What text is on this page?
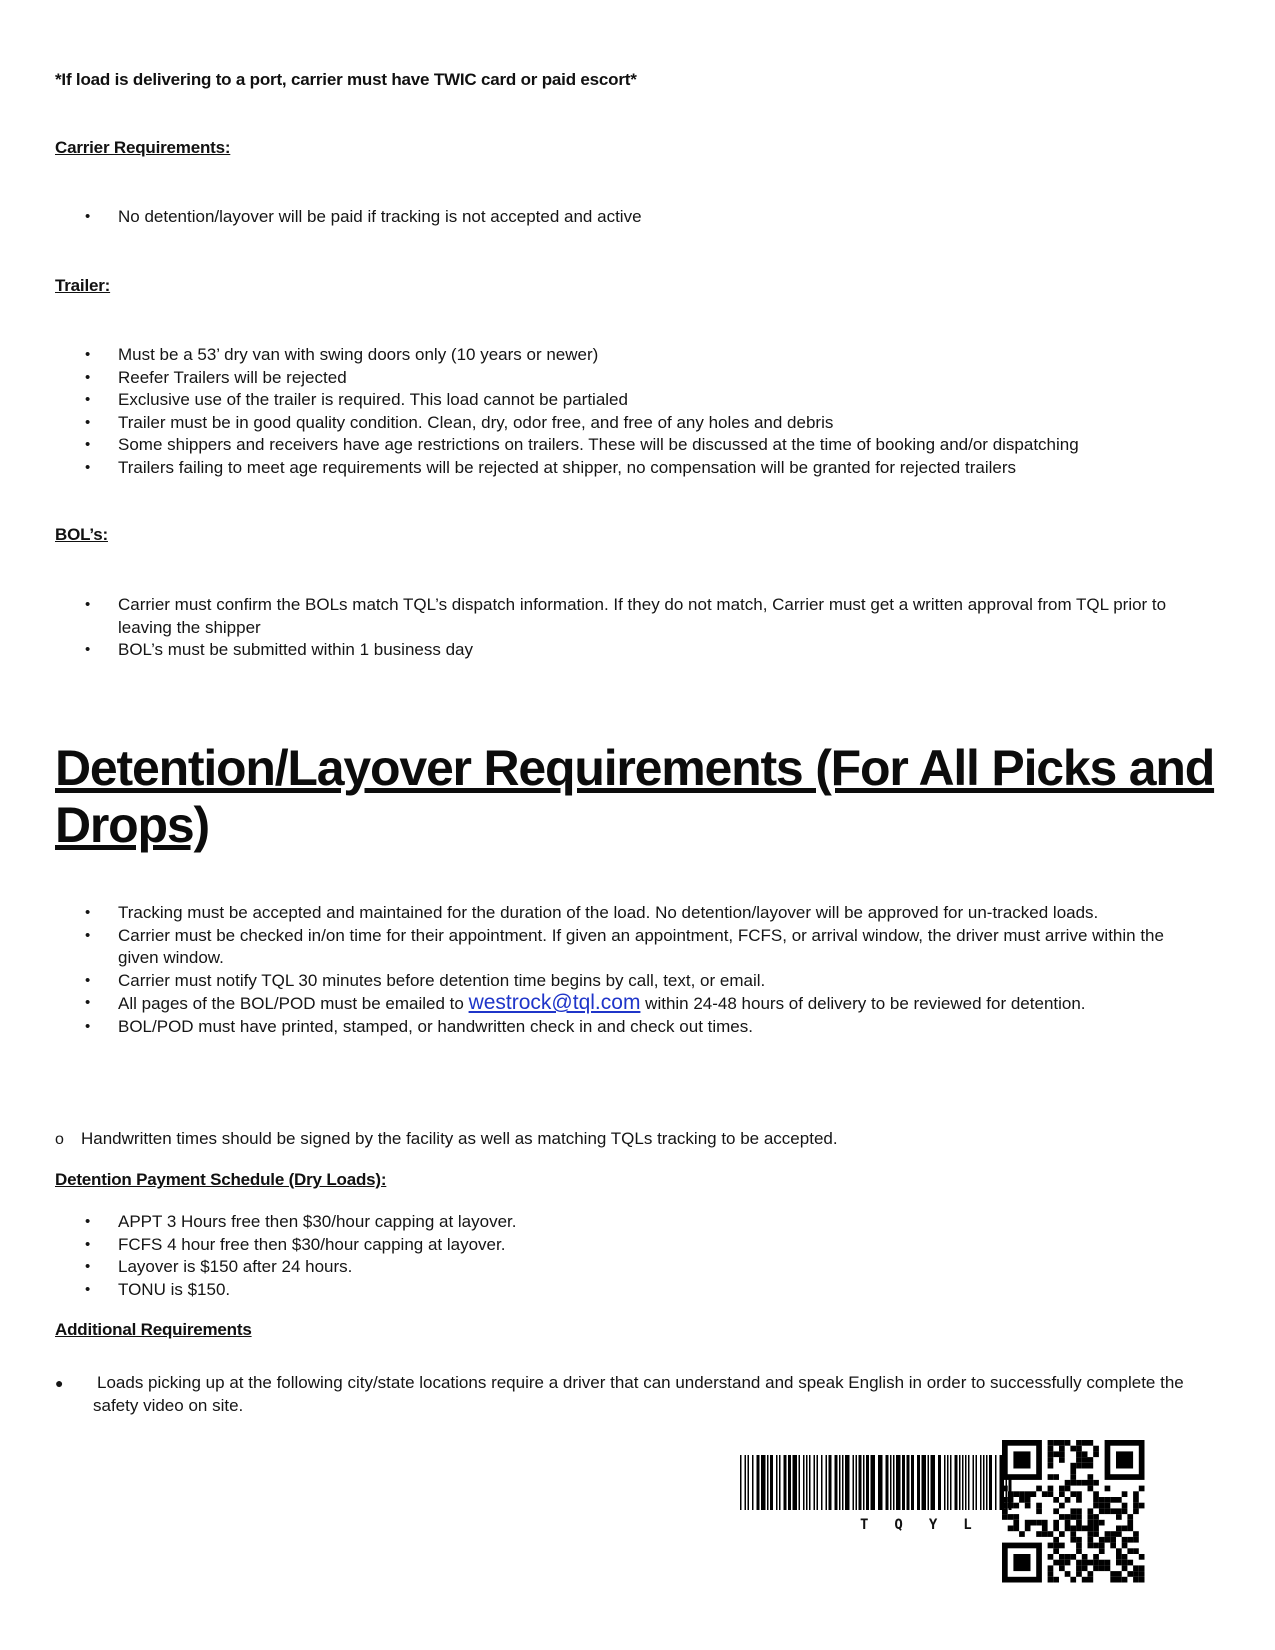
*If load is delivering to a port, carrier must have TWIC card or paid escort*
Carrier Requirements:
• No detention/layover will be paid if tracking is not accepted and active
Trailer:
• Must be a 53’ dry van with swing doors only (10 years or newer)
• Reefer Trailers will be rejected
• Exclusive use of the trailer is required. This load cannot be partialed
• Trailer must be in good quality condition. Clean, dry, odor free, and free of any holes and debris
• Some shippers and receivers have age restrictions on trailers. These will be discussed at the time of booking and/or dispatching
• Trailers failing to meet age requirements will be rejected at shipper, no compensation will be granted for rejected trailers
BOL’s:
• Carrier must confirm the BOLs match TQL’s dispatch information. If they do not match, Carrier must get a written approval from TQL prior to leaving the shipper
• BOL’s must be submitted within 1 business day
Detention/Layover Requirements (For All Picks and Drops)
• Tracking must be accepted and maintained for the duration of the load. No detention/layover will be approved for un-tracked loads.
• Carrier must be checked in/on time for their appointment. If given an appointment, FCFS, or arrival window, the driver must arrive within the given window.
• Carrier must notify TQL 30 minutes before detention time begins by call, text, or email.
• All pages of the BOL/POD must be emailed to westrock@tql.com within 24-48 hours of delivery to be reviewed for detention.
• BOL/POD must have printed, stamped, or handwritten check in and check out times.
o Handwritten times should be signed by the facility as well as matching TQLs tracking to be accepted.
Detention Payment Schedule (Dry Loads):
• APPT 3 Hours free then $30/hour capping at layover.
• FCFS 4 hour free then $30/hour capping at layover.
• Layover is $150 after 24 hours.
• TONU is $150.
Additional Requirements
●	Loads picking up at the following city/state locations require a driver that can understand and speak English in order to successfully complete the safety video on site.
TQYL
